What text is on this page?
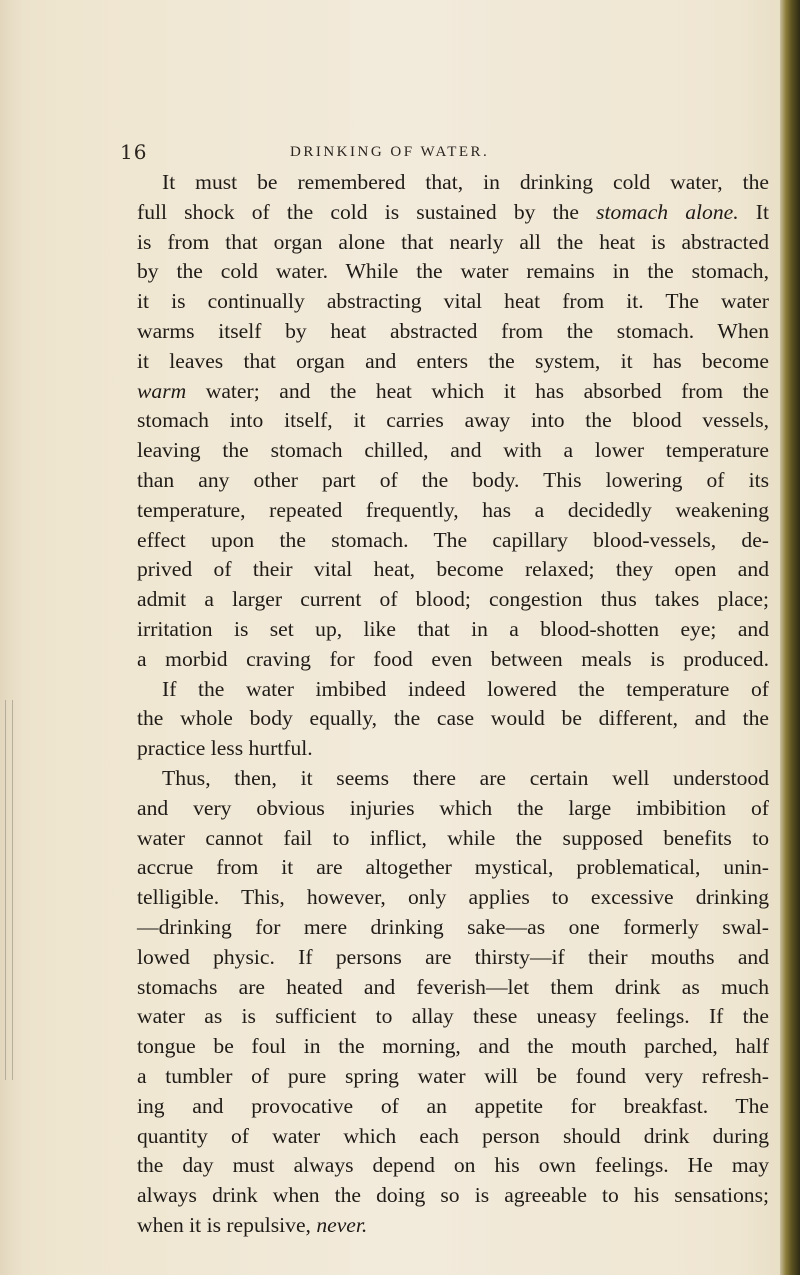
16	DRINKING OF WATER.
It must be remembered that, in drinking cold water, the
full shock of the cold is sustained by the stomach alone. It
is from that organ alone that nearly all the heat is abstracted
by the cold water. While the water remains in the stomach,
it is continually abstracting vital heat from it. The water
warms itself by heat abstracted from the stomach. When
it leaves that organ and enters the system, it has become
warm water; and the heat which it has absorbed from the
stomach into itself, it carries away into the blood vessels,
leaving the stomach chilled, and with a lower temperature
than any other part of the body. This lowering of its
temperature, repeated frequently, has a decidedly weakening
effect upon the stomach. The capillary blood-vessels, de-
prived of their vital heat, become relaxed; they open and
admit a larger current of blood; congestion thus takes place;
irritation is set up, like that in a blood-shotten eye; and
a morbid craving for food even between meals is produced.
If the water imbibed indeed lowered the temperature of
the whole body equally, the case would be different, and the
practice less hurtful.
Thus, then, it seems there are certain well understood
and very obvious injuries which the large imbibition of
water cannot fail to inflict, while the supposed benefits to
accrue from it are altogether mystical, problematical, unin-
telligible. This, however, only applies to excessive drinking
—drinking for mere drinking sake—as one formerly swal-
lowed physic. If persons are thirsty—if their mouths and
stomachs are heated and feverish—let them drink as much
water as is sufficient to allay these uneasy feelings. If the
tongue be foul in the morning, and the mouth parched, half
a tumbler of pure spring water will be found very refresh-
ing and provocative of an appetite for breakfast. The
quantity of water which each person should drink during
the day must always depend on his own feelings. He may
always drink when the doing so is agreeable to his sensations;
when it is repulsive, never.
